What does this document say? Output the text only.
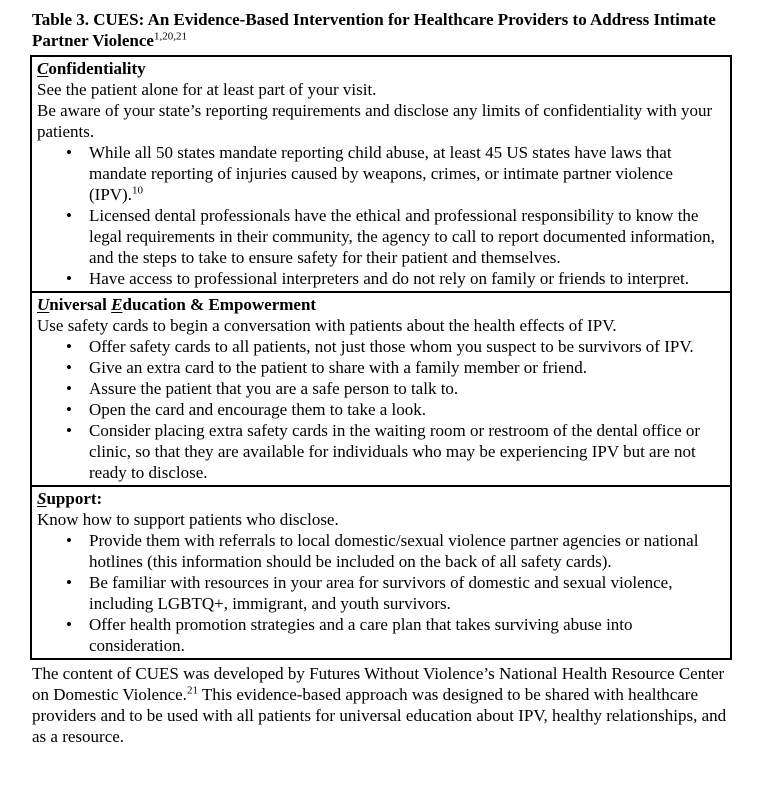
Table 3. CUES: An Evidence-Based Intervention for Healthcare Providers to Address Intimate Partner Violence$^{1,20,21}$
Confidentiality

See the patient alone for at least part of your visit.

Be aware of your state’s reporting requirements and disclose any limits of confidentiality with your patients.

• While all 50 states mandate reporting child abuse, at least 45 US states have laws that mandate reporting of injuries caused by weapons, crimes, or intimate partner violence (IPV).$^{10}$
• Licensed dental professionals have the ethical and professional responsibility to know the legal requirements in their community, the agency to call to report documented information, and the steps to take to ensure safety for their patient and themselves.
• Have access to professional interpreters and do not rely on family or friends to interpret.
Universal Education & Empowerment

Use safety cards to begin a conversation with patients about the health effects of IPV.

• Offer safety cards to all patients, not just those whom you suspect to be survivors of IPV.
• Give an extra card to the patient to share with a family member or friend.
• Assure the patient that you are a safe person to talk to.
• Open the card and encourage them to take a look.
• Consider placing extra safety cards in the waiting room or restroom of the dental office or clinic, so that they are available for individuals who may be experiencing IPV but are not ready to disclose.
Support:

Know how to support patients who disclose.

• Provide them with referrals to local domestic/sexual violence partner agencies or national hotlines (this information should be included on the back of all safety cards).
• Be familiar with resources in your area for survivors of domestic and sexual violence, including LGBTQ+, immigrant, and youth survivors.
• Offer health promotion strategies and a care plan that takes surviving abuse into consideration.

The content of CUES was developed by Futures Without Violence’s National Health Resource Center on Domestic Violence.$^{21}$ This evidence-based approach was designed to be shared with healthcare providers and to be used with all patients for universal education about IPV, healthy relationships, and as a resource.
